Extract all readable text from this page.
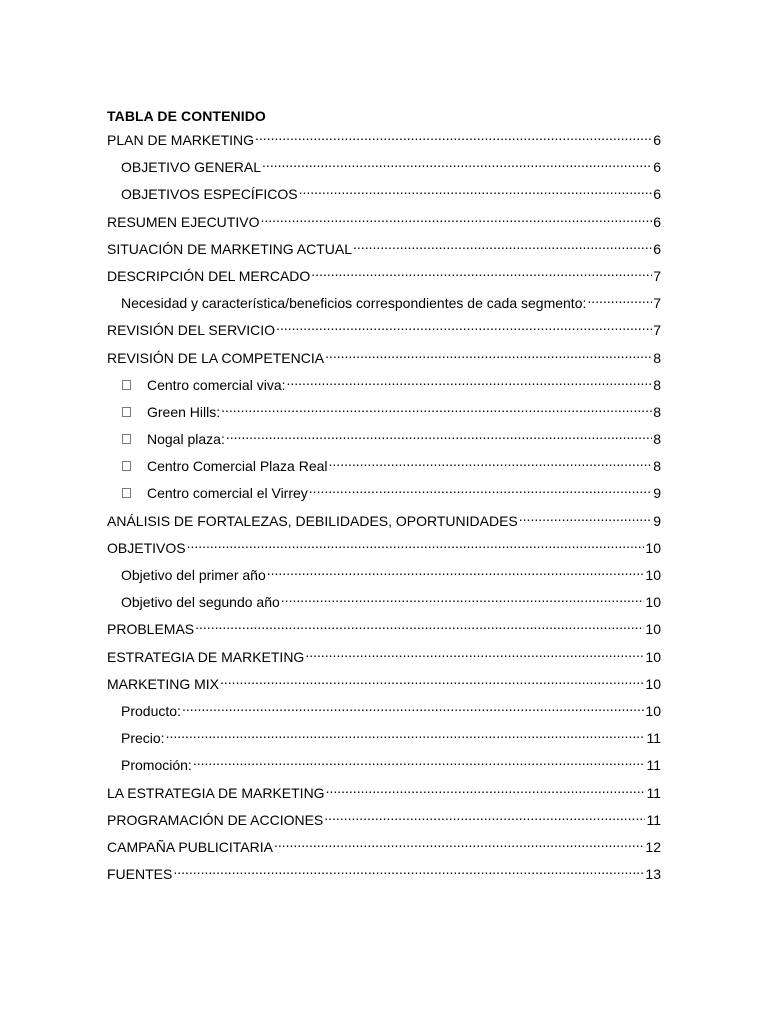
TABLA DE CONTENIDO
PLAN DE MARKETING .....	6
OBJETIVO GENERAL .....	6
OBJETIVOS ESPECÍFICOS .....	6
RESUMEN EJECUTIVO .....	6
SITUACIÓN DE MARKETING ACTUAL .....	6
DESCRIPCIÓN DEL MERCADO .....	7
Necesidad y característica/beneficios correspondientes de cada segmento: .....	7
REVISIÓN DEL SERVICIO .....	7
REVISIÓN DE LA COMPETENCIA .....	8
Centro comercial viva: .....	8
Green Hills: .....	8
Nogal plaza: .....	8
Centro Comercial Plaza Real .....	8
Centro comercial el Virrey .....	9
ANÁLISIS DE FORTALEZAS, DEBILIDADES, OPORTUNIDADES .....	9
OBJETIVOS .....	10
Objetivo del primer año .....	10
Objetivo del segundo año .....	10
PROBLEMAS .....	10
ESTRATEGIA DE MARKETING .....	10
MARKETING MIX .....	10
Producto: .....	10
Precio: .....	11
Promoción: .....	11
LA ESTRATEGIA DE MARKETING .....	11
PROGRAMACIÓN DE ACCIONES .....	11
CAMPAÑA PUBLICITARIA .....	12
FUENTES .....	13
